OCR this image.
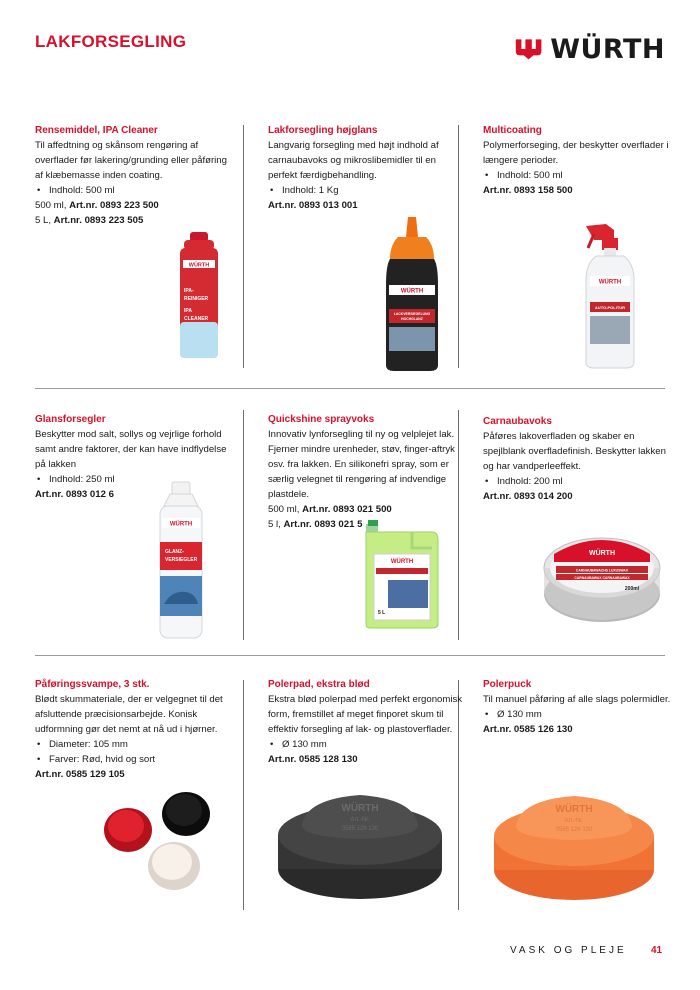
LAKFORSEGLING	WÜRTH
Rensemiddel, IPA Cleaner
Til affedtning og skånsom rengøring af overflader før lakering/grunding eller påføring af klæbemasse inden coating.
• Indhold: 500 ml
500 ml, Art.nr. 0893 223 500
5 L, Art.nr. 0893 223 505
Lakforsegling højglans
Langvarig forsegling med højt indhold af carnaubavoks og mikroslibemidler til en perfekt færdigbehandling.
• Indhold: 1 Kg
Art.nr. 0893 013 001
Multicoating
Polymerforseging, der beskytter overflader i længere perioder.
• Indhold: 500 ml
Art.nr. 0893 158 500
WÜRTH
IPA-
REINIGER
IPA
CLEANER
WÜRTH
LACKVERSIEGELUNG
HOCHGLANZ
WÜRTH
AUTO-POLITUR
Glansforsegler
Beskytter mod salt, sollys og vejrlige forhold samt andre faktorer, der kan have indflydelse på lakken
• Indhold: 250 ml
Art.nr. 0893 012 6
Quickshine sprayvoks
Innovativ lynforsegling til ny og velplejet lak. Fjerner mindre urenheder, støv, finger-aftryk osv. fra lakken. En silikonefri spray, som er særlig velegnet til rengøring af indvendige plastdele.
500 ml, Art.nr. 0893 021 500
5 l, Art.nr. 0893 021 5
Carnaubavoks
Påføres lakoverfladen og skaber en spejlblank overfladefinish. Beskytter lakken og har vandperleeffekt.
• Indhold: 200 ml
Art.nr. 0893 014 200
WÜRTH
GLANZ-
VERSIEGLER	WÜRTH
5 L
WÜRTH
CARNAUBAWACHS LUXUSWAX
CARNAUBAWAX CARNAUBAWAX
200ml
Påføringssvampe, 3 stk.
Blødt skummateriale, der er velgegnet til det afsluttende præcisionsarbejde. Konisk udformning gør det nemt at nå ud i hjørner.
• Diameter: 105 mm
• Farver: Rød, hvid og sort
Art.nr. 0585 129 105
Polerpad, ekstra blød
Ekstra blød polerpad med perfekt ergonomisk form, fremstillet af meget finporet skum til effektiv forsegling af lak- og plastoverflader.
• Ø 130 mm
Art.nr. 0585 128 130
Polerpuck
Til manuel påføring af alle slags polermidler.
• Ø 130 mm
Art.nr. 0585 126 130
WÜRTH
Art.-Nr.
0585 128 130
WÜRTH
Art.-Nr.
0585 126 130
VASK OG PLEJE 41
